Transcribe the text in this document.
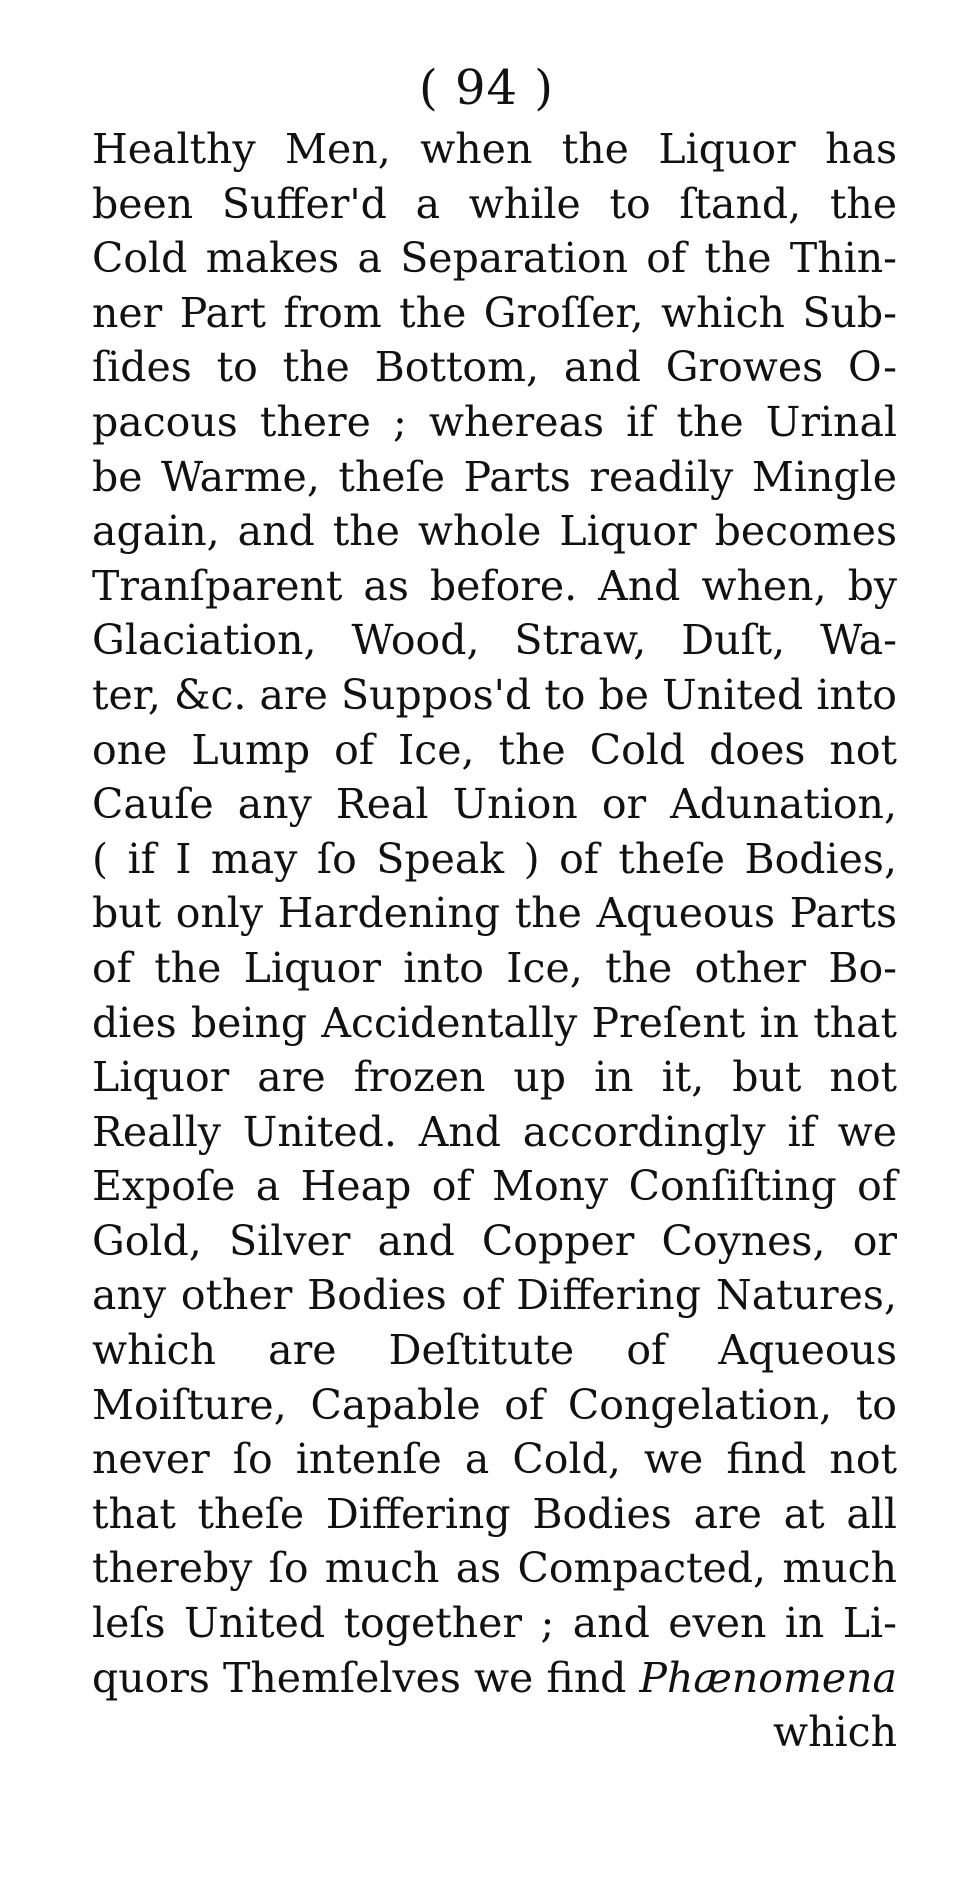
( 94 )
Healthy Men, when the Liquor has
been Suffer'd a while to ſtand, the
Cold makes a Separation of the Thin-
ner Part from the Groſſer, which Sub-
ſides to the Bottom, and Growes O-
pacous there ; whereas if the Urinal
be Warme, theſe Parts readily Mingle
again, and the whole Liquor becomes
Tranſparent as before. And when, by
Glaciation, Wood, Straw, Duſt, Wa-
ter, &c. are Suppos'd to be United into
one Lump of Ice, the Cold does not
Cauſe any Real Union or Adunation,
( if I may ſo Speak ) of theſe Bodies,
but only Hardening the Aqueous Parts
of the Liquor into Ice, the other Bo-
dies being Accidentally Preſent in that
Liquor are frozen up in it, but not
Really United. And accordingly if we
Expoſe a Heap of Mony Conſiſting of
Gold, Silver and Copper Coynes, or
any other Bodies of Differing Natures,
which are Deſtitute of Aqueous
Moiſture, Capable of Congelation, to
never ſo intenſe a Cold, we find not
that theſe Differing Bodies are at all
thereby ſo much as Compacted, much
leſs United together ; and even in Li-
quors Themſelves we find Phænomena
which
